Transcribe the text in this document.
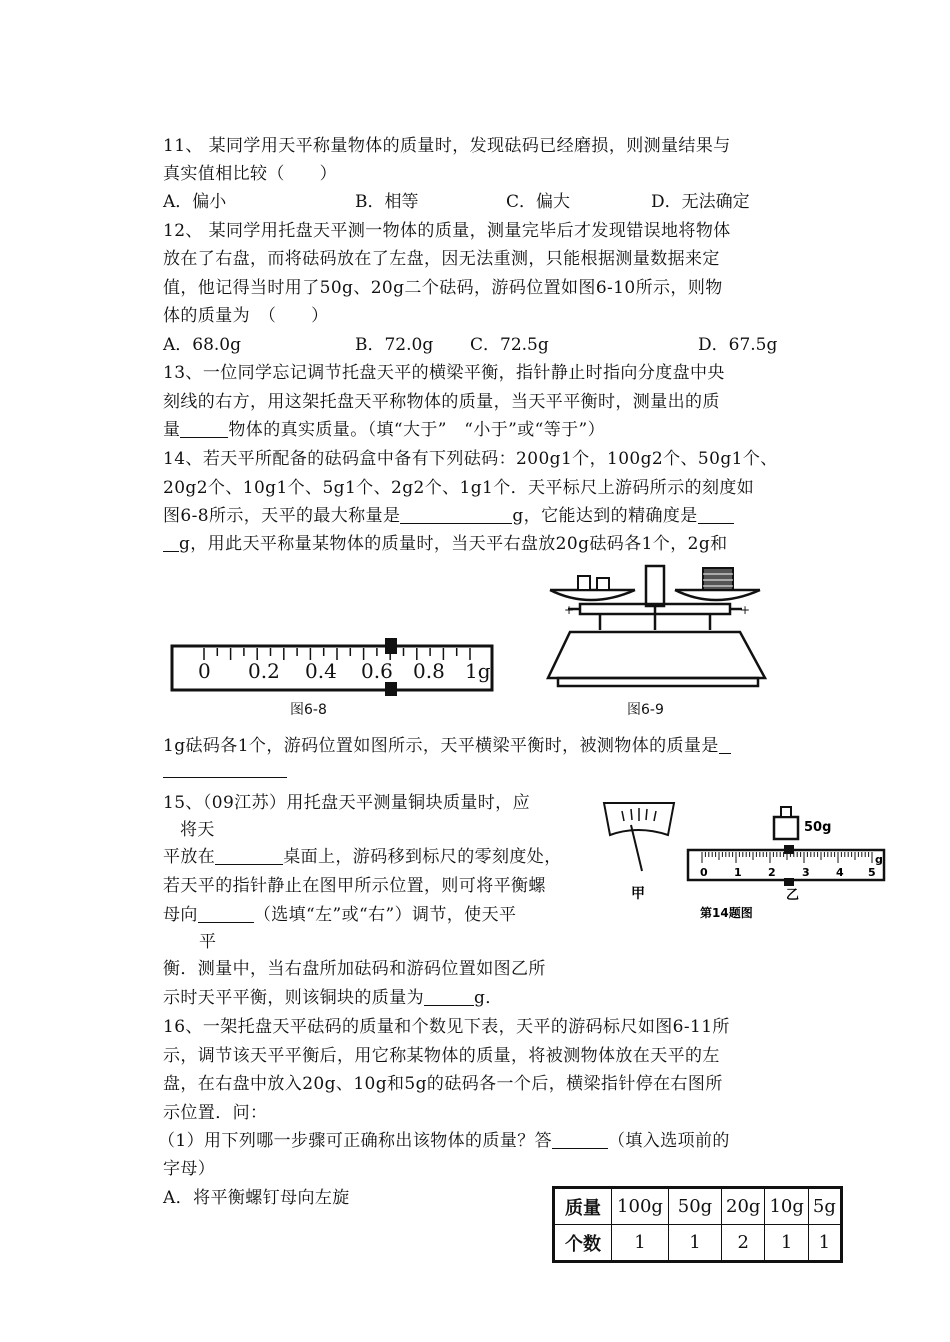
11、 某同学用天平称量物体的质量时，发现砝码已经磨损，则测量结果与
真实值相比较（　　）
A．偏小	B．相等	C．偏大	D．无法确定
12、 某同学用托盘天平测一物体的质量，测量完毕后才发现错误地将物体
放在了右盘，而将砝码放在了左盘，因无法重测，只能根据测量数据来定
值，他记得当时用了50g、20g二个砝码，游码位置如图6-10所示，则物
体的质量为　（　　）
A．68.0g	B．72.0g C．72.5g	D．67.5g
13、一位同学忘记调节托盘天平的横梁平衡，指针静止时指向分度盘中央
刻线的右方，用这架托盘天平称物体的质量，当天平平衡时，测量出的质
量	物体的真实质量。（填“大于”　“小于”或“等于”）
14、若天平所配备的砝码盒中备有下列砝码：200g1个，100g2个、50g1个、
20g2个、10g1个、5g1个、2g2个、1g1个．天平标尺上游码所示的刻度如
图6-8所示，天平的最大称量是	g，它能达到的精确度是
g，用此天平称量某物体的质量时，当天平右盘放20g砝码各1个，2g和
0 0.2 0.4 0.6 0.8 1g
图6-8
+	+
图6-9
1g砝码各1个，游码位置如图所示，天平横梁平衡时，被测物体的质量是
15、（09江苏）用托盘天平测量铜块质量时，应
将天
平放在	桌面上，游码移到标尺的零刻度处，
若天平的指针静止在图甲所示位置，则可将平衡螺
母向	（选填“左”或“右”）调节，使天平
平
衡．测量中，当右盘所加砝码和游码位置如图乙所
示时天平平衡，则该铜块的质量为	g．
甲
50g
0 1 2 3 4 5
g
乙
第14题图
16、一架托盘天平砝码的质量和个数见下表，天平的游码标尺如图6-11所
示，调节该天平平衡后，用它称某物体的质量，将被测物体放在天平的左
盘，在右盘中放入20g、10g和5g的砝码各一个后，横梁指针停在右图所
示位置．问：
（1）用下列哪一步骤可正确称出该物体的质量？答	（填入选项前的
字母）
A．将平衡螺钉母向左旋	质量	100g	50g	20g	10g	5g
个数	1	1	2	1	1
